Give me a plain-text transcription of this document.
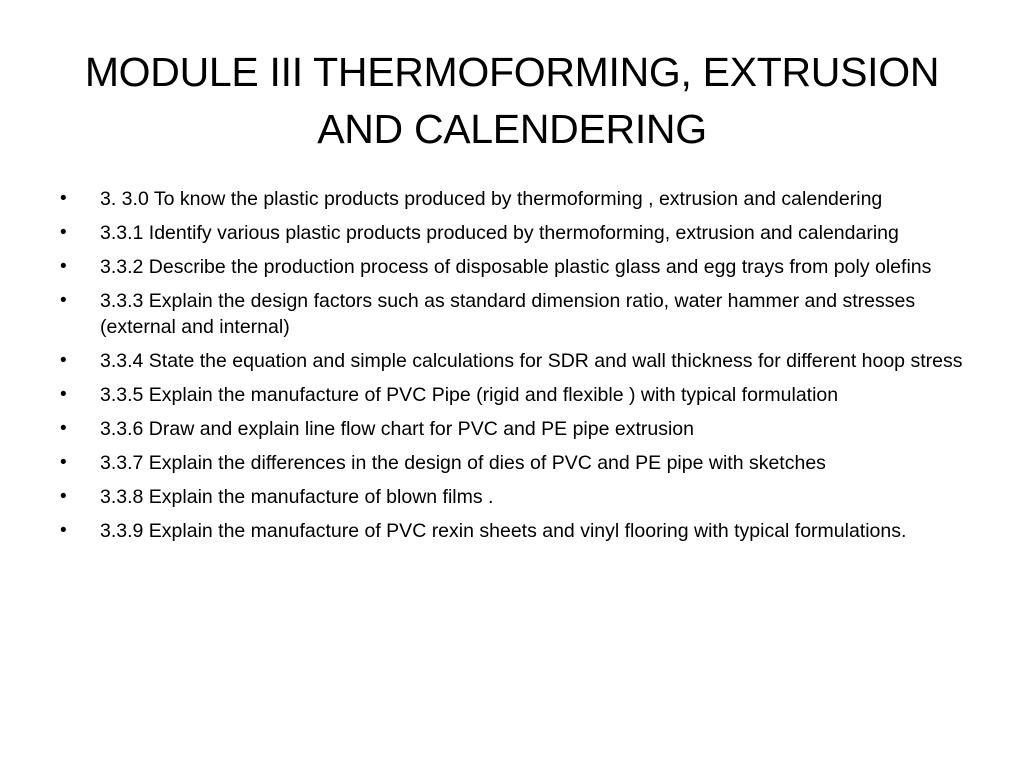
MODULE III THERMOFORMING, EXTRUSION AND CALENDERING
• 3. 3.0 To know the plastic products produced by thermoforming , extrusion and calendering
• 3.3.1 Identify various plastic products produced by thermoforming, extrusion and calendaring
• 3.3.2 Describe the production process of disposable plastic glass and egg trays from poly olefins
• 3.3.3 Explain the design factors such as standard dimension ratio, water hammer and stresses (external and internal)
• 3.3.4 State the equation and simple calculations for SDR and wall thickness for different hoop stress
• 3.3.5 Explain the manufacture of PVC Pipe (rigid and flexible ) with typical formulation
• 3.3.6 Draw and explain line flow chart for PVC and PE pipe extrusion
• 3.3.7 Explain the differences in the design of dies of PVC and PE pipe with sketches
• 3.3.8 Explain the manufacture of blown films .
• 3.3.9 Explain the manufacture of PVC rexin sheets and vinyl flooring with typical formulations.
